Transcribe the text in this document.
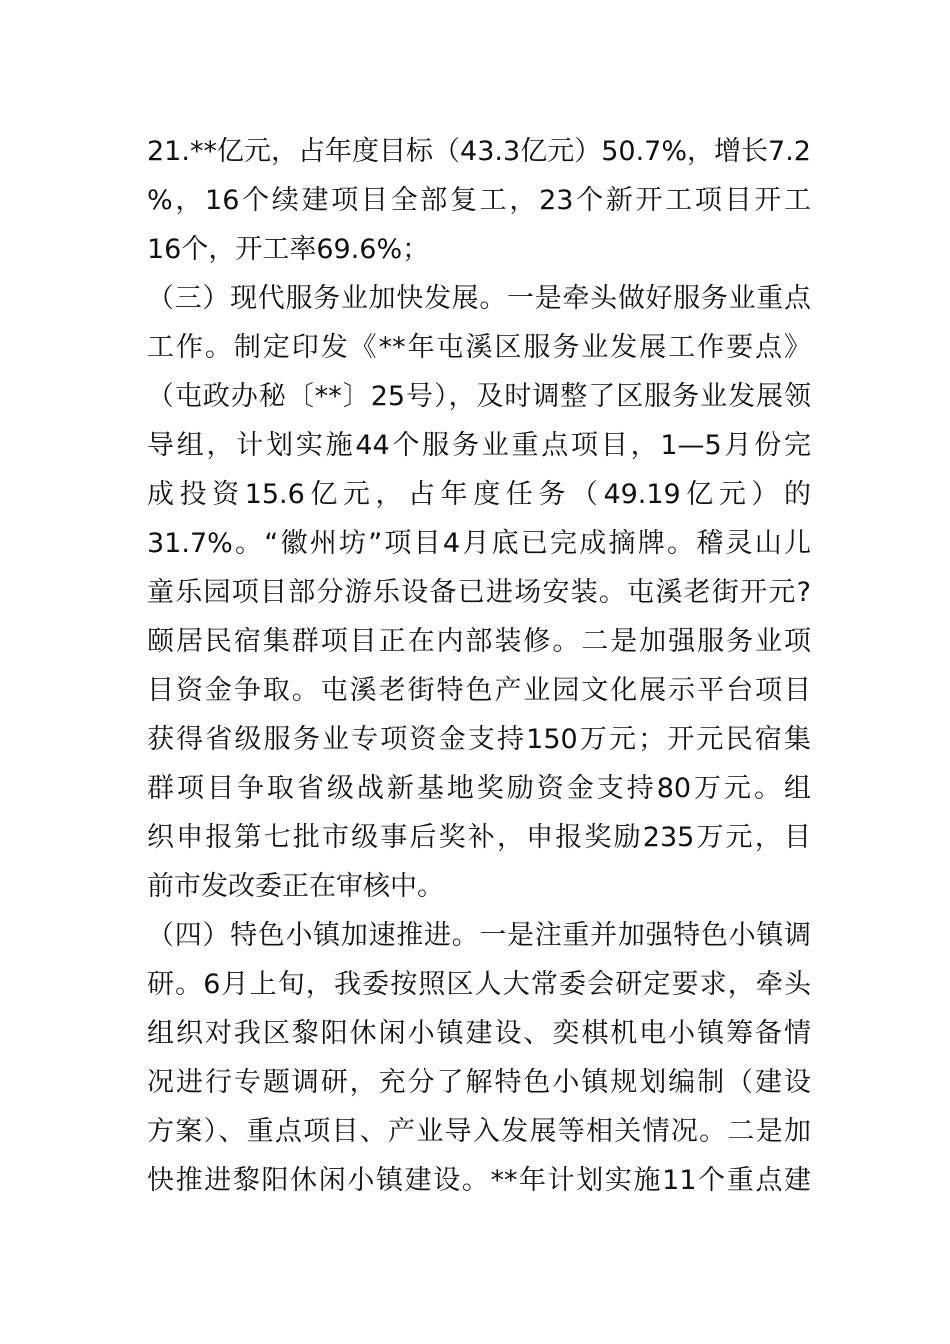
21.**亿元，占年度目标（43.3亿元）50.7%，增长7.2
%，16个续建项目全部复工，23个新开工项目开工
16个，开工率69.6%；
（三）现代服务业加快发展。一是牵头做好服务业重点
工作。制定印发《**年屯溪区服务业发展工作要点》
（屯政办秘〔**〕25号），及时调整了区服务业发展领
导组，计划实施44个服务业重点项目，1—5月份完
成投资15.6亿元，占年度任务（49.19亿元）的
31.7%。“徽州坊”项目4月底已完成摘牌。稽灵山儿
童乐园项目部分游乐设备已进场安装。屯溪老街开元?
颐居民宿集群项目正在内部装修。二是加强服务业项
目资金争取。屯溪老街特色产业园文化展示平台项目
获得省级服务业专项资金支持150万元；开元民宿集
群项目争取省级战新基地奖励资金支持80万元。组
织申报第七批市级事后奖补，申报奖励235万元，目
前市发改委正在审核中。
（四）特色小镇加速推进。一是注重并加强特色小镇调
研。6月上旬，我委按照区人大常委会研定要求，牵头
组织对我区黎阳休闲小镇建设、奕棋机电小镇筹备情
况进行专题调研，充分了解特色小镇规划编制（建设
方案）、重点项目、产业导入发展等相关情况。二是加
快推进黎阳休闲小镇建设。**年计划实施11个重点建
